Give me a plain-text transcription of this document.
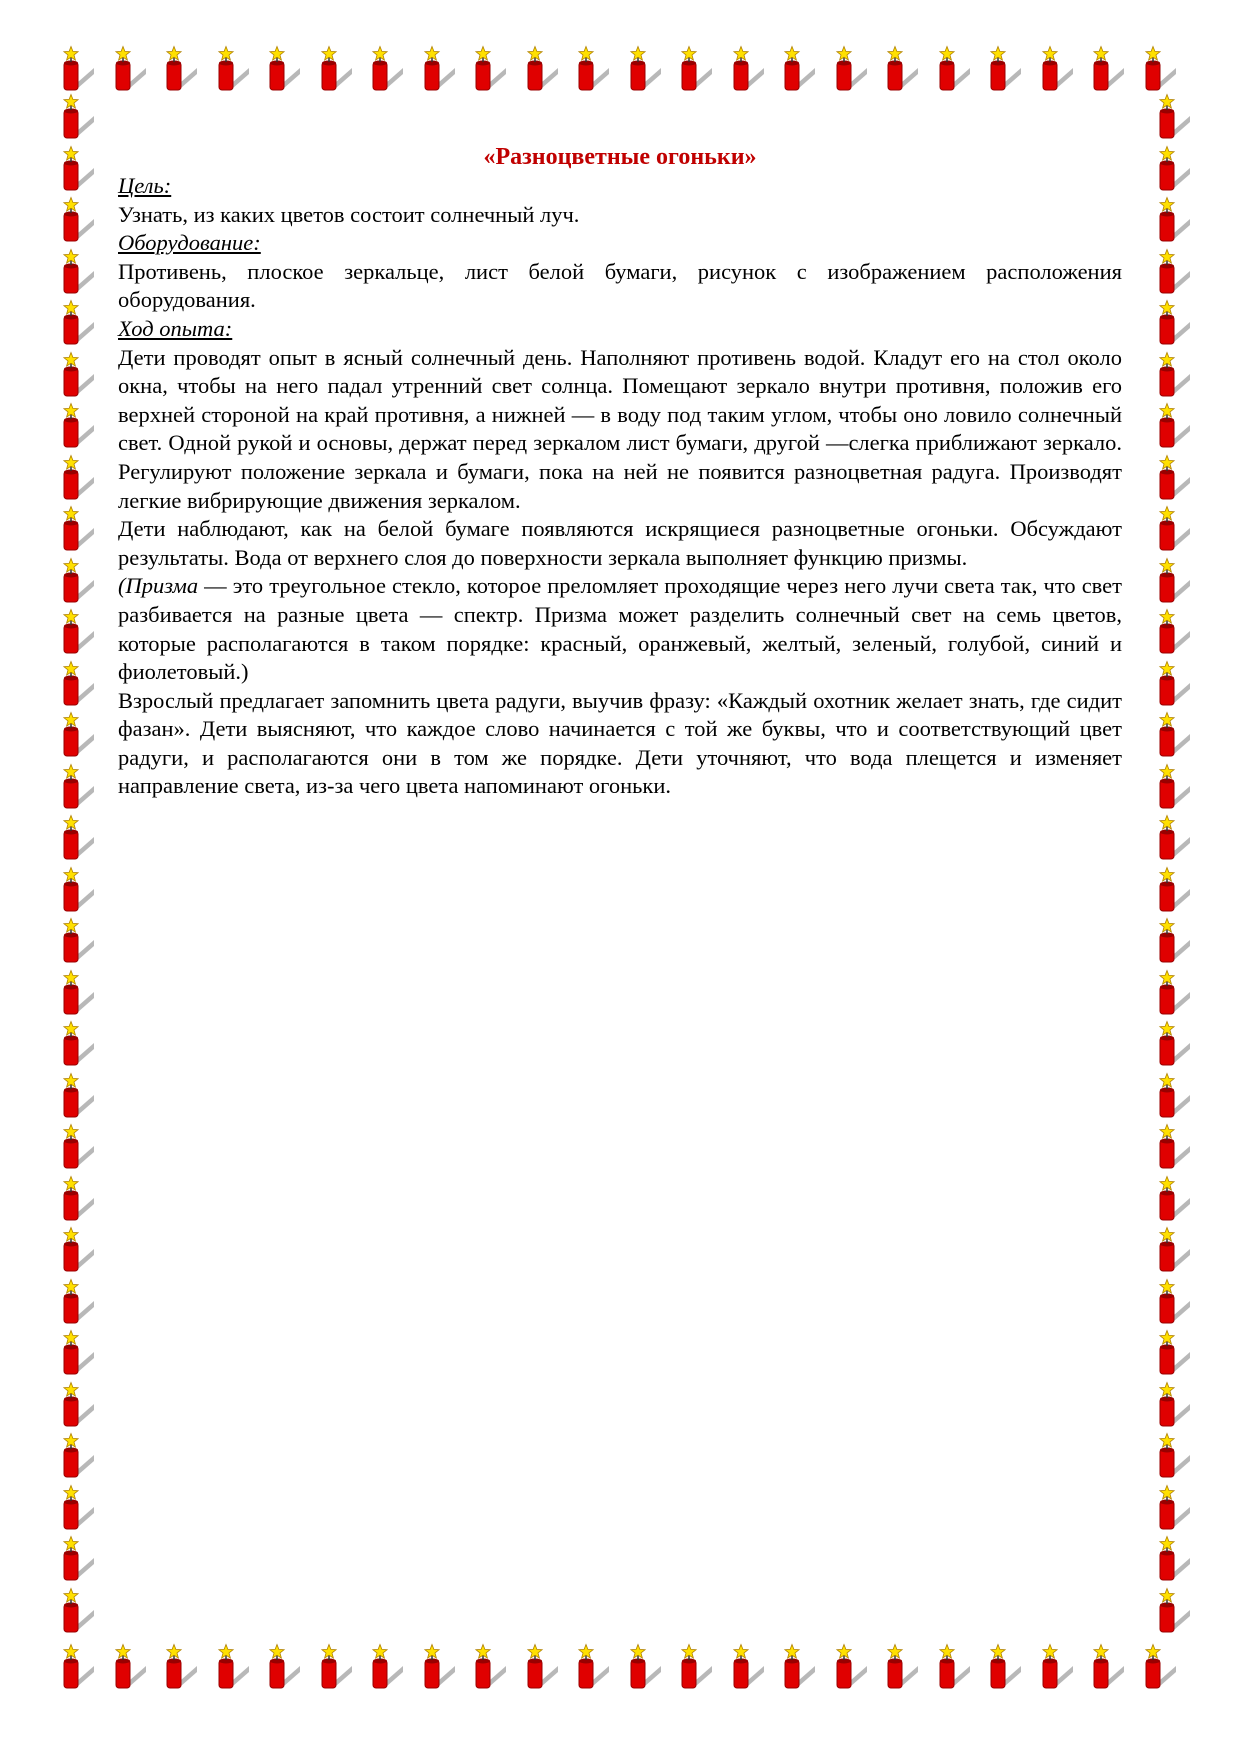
«Разноцветные огоньки»

Цель:

Узнать, из каких цветов состоит солнечный луч.

Оборудование:

Противень, плоское зеркальце, лист белой бумаги, рисунок с изображением расположения оборудования.

Ход опыта:

Дети проводят опыт в ясный солнечный день. Наполняют противень водой. Кладут его на стол около окна, чтобы на него падал утренний свет солнца. Помещают зеркало внутри противня, положив его верхней стороной на край противня, а нижней — в воду под таким углом, чтобы оно ловило солнечный свет. Одной рукой и основы, держат перед зеркалом лист бумаги, другой —слегка приближают зеркало. Регулируют положение зеркала и бумаги, пока на ней не появится разноцветная радуга. Производят легкие вибрирующие движения зеркалом.

Дети наблюдают, как на белой бумаге появляются искрящиеся разноцветные огоньки. Обсуждают результаты. Вода от верхнего слоя до поверхности зеркала выполняет функцию призмы.

(Призма — это треугольное стекло, которое преломляет проходящие через него лучи света так, что свет разбивается на разные цвета — спектр. Призма может разделить солнечный свет на семь цветов, которые располагаются в таком порядке: красный, оранжевый, желтый, зеленый, голубой, синий и фиолетовый.)

Взрослый предлагает запомнить цвета радуги, выучив фразу: «Каждый охотник желает знать, где сидит фазан». Дети выясняют, что каждое слово начинается с той же буквы, что и соответствующий цвет радуги, и располагаются они в том же порядке. Дети уточняют, что вода плещется и изменяет направление света, из-за чего цвета напоминают огоньки.
